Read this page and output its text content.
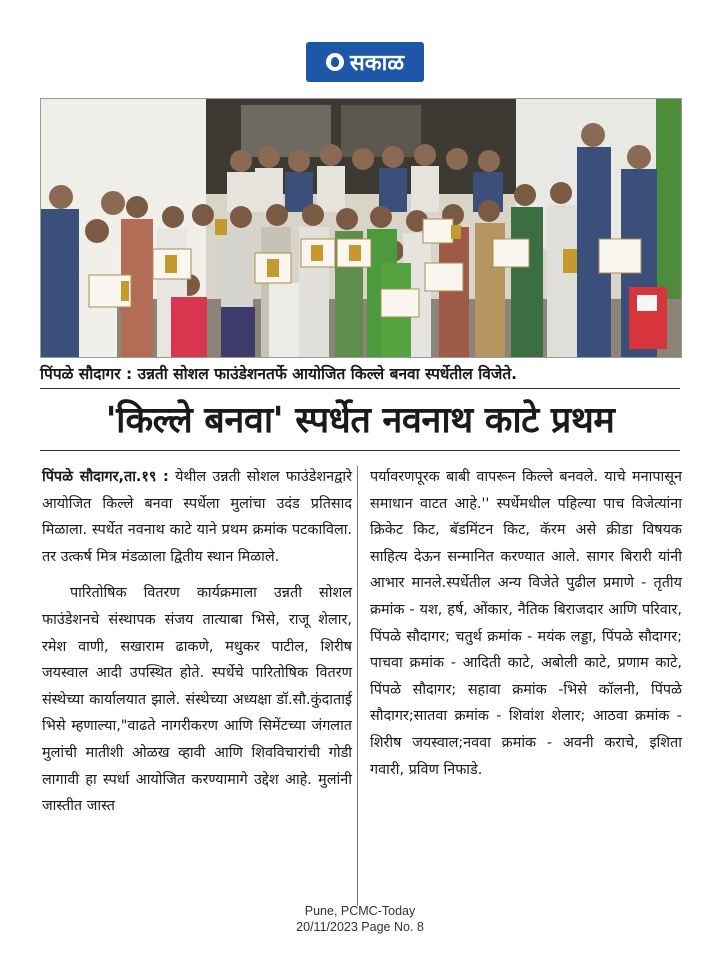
सकाळ
पिंपळे सौदागर : उन्नती सोशल फाउंडेशनतर्फे आयोजित किल्ले बनवा स्पर्धेतील विजेते.
'किल्ले बनवा' स्पर्धेत नवनाथ काटे प्रथम

पिंपळे सौदागर,ता.१९ : येथील उन्नती सोशल फाउंडेशनद्वारे आयोजित किल्ले बनवा स्पर्धेला मुलांचा उदंड प्रतिसाद मिळाला. स्पर्धेत नवनाथ काटे याने प्रथम क्रमांक पटकाविला. तर उत्कर्ष मित्र मंडळाला द्वितीय स्थान मिळाले.

पारितोषिक वितरण कार्यक्रमाला उन्नती सोशल फाउंडेशनचे संस्थापक संजय तात्याबा भिसे, राजू शेलार, रमेश वाणी, सखाराम ढाकणे, मधुकर पाटील, शिरीष जयस्वाल आदी उपस्थित होते. स्पर्धेचे पारितोषिक वितरण संस्थेच्या कार्यालयात झाले. संस्थेच्या अध्यक्षा डॉ.सौ.कुंदाताई भिसे म्हणाल्या,"वाढते नागरीकरण आणि सिमेंटच्या जंगलात मुलांची मातीशी ओळख व्हावी आणि शिवविचारांची गोडी लागावी हा स्पर्धा आयोजित करण्यामागे उद्देश आहे. मुलांनी जास्तीत जास्त

पर्यावरणपूरक बाबी वापरून किल्ले बनवले. याचे मनापासून समाधान वाटत आहे.'' स्पर्धेमधील पहिल्या पाच विजेत्यांना क्रिकेट किट, बॅडमिंटन किट, कॅरम असे क्रीडा विषयक साहित्य देऊन सन्मानित करण्यात आले. सागर बिरारी यांनी आभार मानले.स्पर्धेतील अन्य विजेते पुढील प्रमाणे - तृतीय क्रमांक - यश, हर्ष, ओंकार, नैतिक बिराजदार आणि परिवार, पिंपळे सौदागर; चतुर्थ क्रमांक - मयंक लड्डा, पिंपळे सौदागर; पाचवा क्रमांक - आदिती काटे, अबोली काटे, प्रणाम काटे, पिंपळे सौदागर; सहावा क्रमांक -भिसे कॉलनी, पिंपळे सौदागर;सातवा क्रमांक - शिवांश शेलार; आठवा क्रमांक - शिरीष जयस्वाल;नववा क्रमांक - अवनी कराचे, इशिता गवारी, प्रविण निफाडे.

Pune, PCMC-Today
20/11/2023 Page No. 8
